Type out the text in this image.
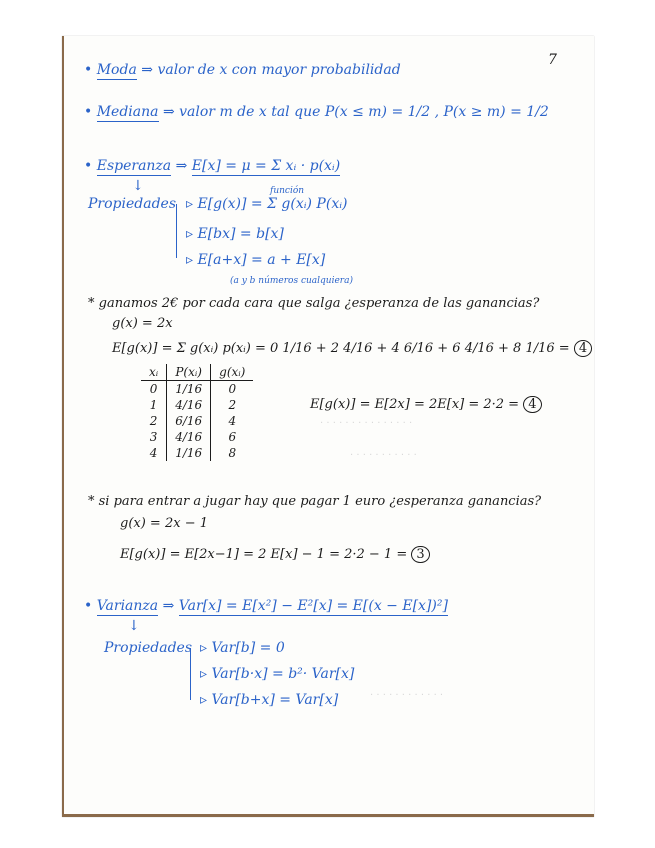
· · · · · · · · · · · · · · ·
· · · · · · · · · · ·
· · · · · · · · · · · ·
7
• Moda ⇒ valor de x con mayor probabilidad
• Mediana ⇒ valor m de x tal que P(x ≤ m) = 1/2 , P(x ≥ m) = 1/2
• Esperanza ⇒ E[x] = μ = Σ xᵢ · p(xᵢ)
↓	función
Propiedades ▹ E[g(x)] = Σ g(xᵢ) P(xᵢ)
▹ E[bx] = b[x]
▹ E[a+x] = a + E[x]
(a y b números cualquiera)
* ganamos 2€ por cada cara que salga ¿esperanza de las ganancias?
g(x) = 2x
E[g(x)] = Σ g(xᵢ) p(xᵢ) = 0 1/16 + 2 4/16 + 4 6/16 + 6 4/16 + 8 1/16 = 4
xᵢ	P(xᵢ)	g(xᵢ)
0	1/16	0
1	4/16	2
2	6/16	4
3	4/16	6
4	1/16	8
E[g(x)] = E[2x] = 2E[x] = 2·2 = 4
* si para entrar a jugar hay que pagar 1 euro ¿esperanza ganancias?
g(x) = 2x − 1
E[g(x)] = E[2x−1] = 2 E[x] − 1 = 2·2 − 1 = 3
• Varianza ⇒ Var[x] = E[x²] − E²[x] = E[(x − E[x])²]
↓
Propiedades ▹ Var[b] = 0
▹ Var[b·x] = b²· Var[x]
▹ Var[b+x] = Var[x]
